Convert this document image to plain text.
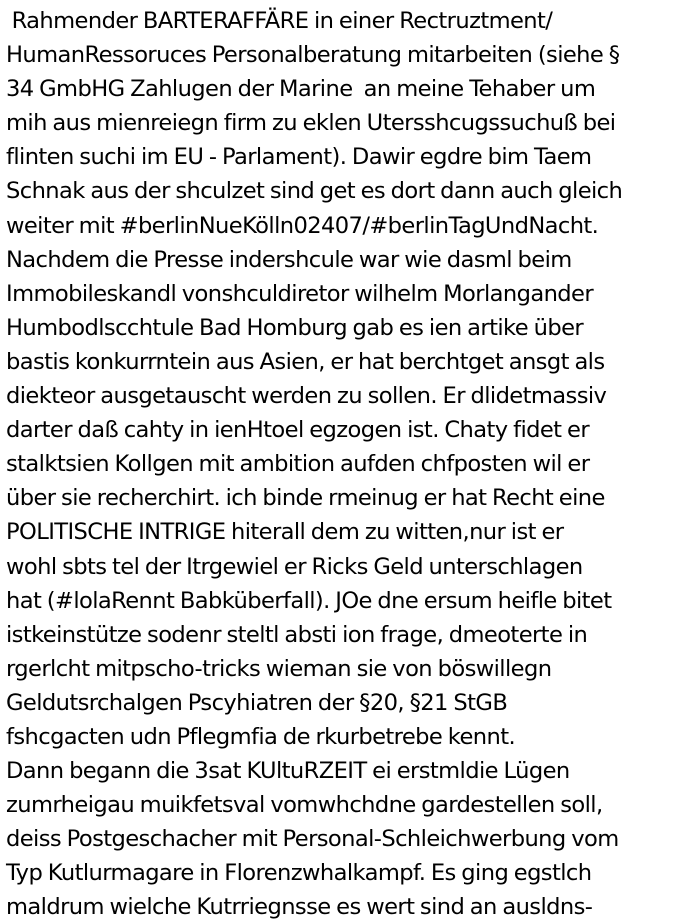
Rahmender BARTERAFFÄRE in einer Rectruztment/
HumanRessoruces Personalberatung mitarbeiten (siehe §
34 GmbHG Zahlugen der Marine  an meine Tehaber um
mih aus mienreiegn firm zu eklen Utersshcugssuchuß bei
flinten suchi im EU - Parlament). Dawir egdre bim Taem
Schnak aus der shculzet sind get es dort dann auch gleich
weiter mit #berlinNueKölln02407/#berlinTagUndNacht.
Nachdem die Presse indershcule war wie dasml beim
Immobileskandl vonshculdiretor wilhelm Morlangander
Humbodlscchtule Bad Homburg gab es ien artike über
bastis konkurrntein aus Asien, er hat berchtget ansgt als
diekteor ausgetauscht werden zu sollen. Er dlidetmassiv
darter daß cahty in ienHtoel egzogen ist. Chaty fidet er
stalktsien Kollgen mit ambition aufden chfposten wil er
über sie recherchirt. ich binde rmeinug er hat Recht eine
POLITISCHE INTRIGE hiterall dem zu witten,nur ist er
wohl sbts tel der Itrgewiel er Ricks Geld unterschlagen
hat (#lolaRennt Babküberfall). JOe dne ersum heifle bitet
istkeinstütze sodenr steltl absti ion frage, dmeoterte in
rgerlcht mitpscho-tricks wieman sie von böswillegn
Geldutsrchalgen Pscyhiatren der §20, §21 StGB
fshcgacten udn Pflegmfia de rkurbetrebe kennt.
Dann begann die 3sat KUltuRZEIT ei erstmldie Lügen
zumrheigau muikfetsval vomwhchdne gardestellen soll,
deiss Postgeschacher mit Personal-Schleichwerbung vom
Typ Kutlurmagare in Florenzwhalkampf. Es ging egstlch
maldrum wielche Kutrriegnsse es wert sind an ausldns-
